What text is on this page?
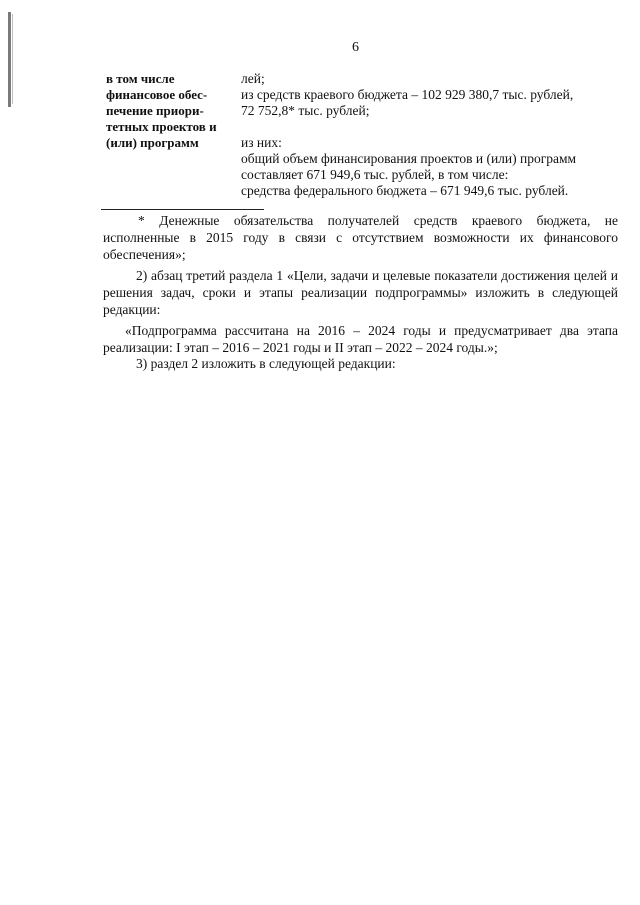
6
в том числе
финансовое обес-
печение приори-
тетных проектов и
(или) программ
лей;
из средств краевого бюджета – 102 929 380,7 тыс. рублей,
72 752,8* тыс. рублей;
из них:
общий объем финансирования проектов и (или) программ
составляет 671 949,6 тыс. рублей, в том числе:
средства федерального бюджета – 671 949,6 тыс. рублей.

* Денежные обязательства получателей средств краевого бюджета, не исполненные в 2015 году в связи с отсутствием возможности их финансового обеспечения»;

2) абзац третий раздела 1 «Цели, задачи и целевые показатели достижения целей и решения задач, сроки и этапы реализации подпрограммы» изложить в следующей редакции:

«Подпрограмма рассчитана на 2016 – 2024 годы и предусматривает два этапа реализации: I этап – 2016 – 2021 годы и II этап – 2022 – 2024 годы.»;

3) раздел 2 изложить в следующей редакции:
